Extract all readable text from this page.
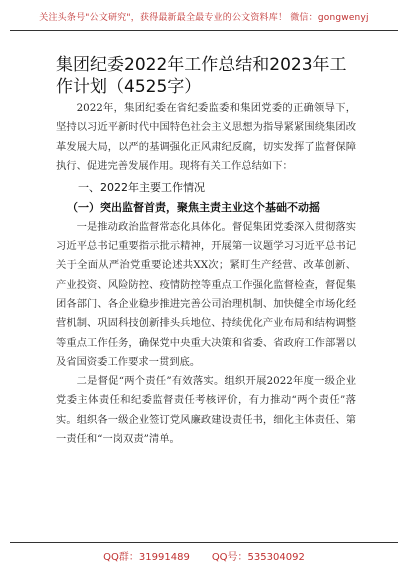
关注头条号"公文研究"，获得最新最全最专业的公文资料库！ 微信：gongwenyj
集团纪委2022年工作总结和2023年工作计划（4525字）

2022年，集团纪委在省纪委监委和集团党委的正确领导下，坚持以习近平新时代中国特色社会主义思想为指导紧紧围绕集团改革发展大局，以严的基调强化正风肃纪反腐，切实发挥了监督保障执行、促进完善发展作用。现将有关工作总结如下：

一、2022年主要工作情况

（一）突出监督首责，聚焦主责主业这个基础不动摇

一是推动政治监督常态化具体化。督促集团党委深入贯彻落实习近平总书记重要指示批示精神，开展第一议题学习习近平总书记关于全面从严治党重要论述共XX次；紧盯生产经营、改革创新、产业投资、风险防控、疫情防控等重点工作强化监督检查，督促集团各部门、各企业稳步推进完善公司治理机制、加快健全市场化经营机制、巩固科技创新排头兵地位、持续优化产业布局和结构调整等重点工作任务，确保党中央重大决策和省委、省政府工作部署以及省国资委工作要求一贯到底。

二是督促“两个责任”有效落实。组织开展2022年度一级企业党委主体责任和纪委监督责任考核评价，有力推动“两个责任”落实。组织各一级企业签订党风廉政建设责任书，细化主体责任、第一责任和“一岗双责”清单。

QQ群：31991489 QQ号：535304092
